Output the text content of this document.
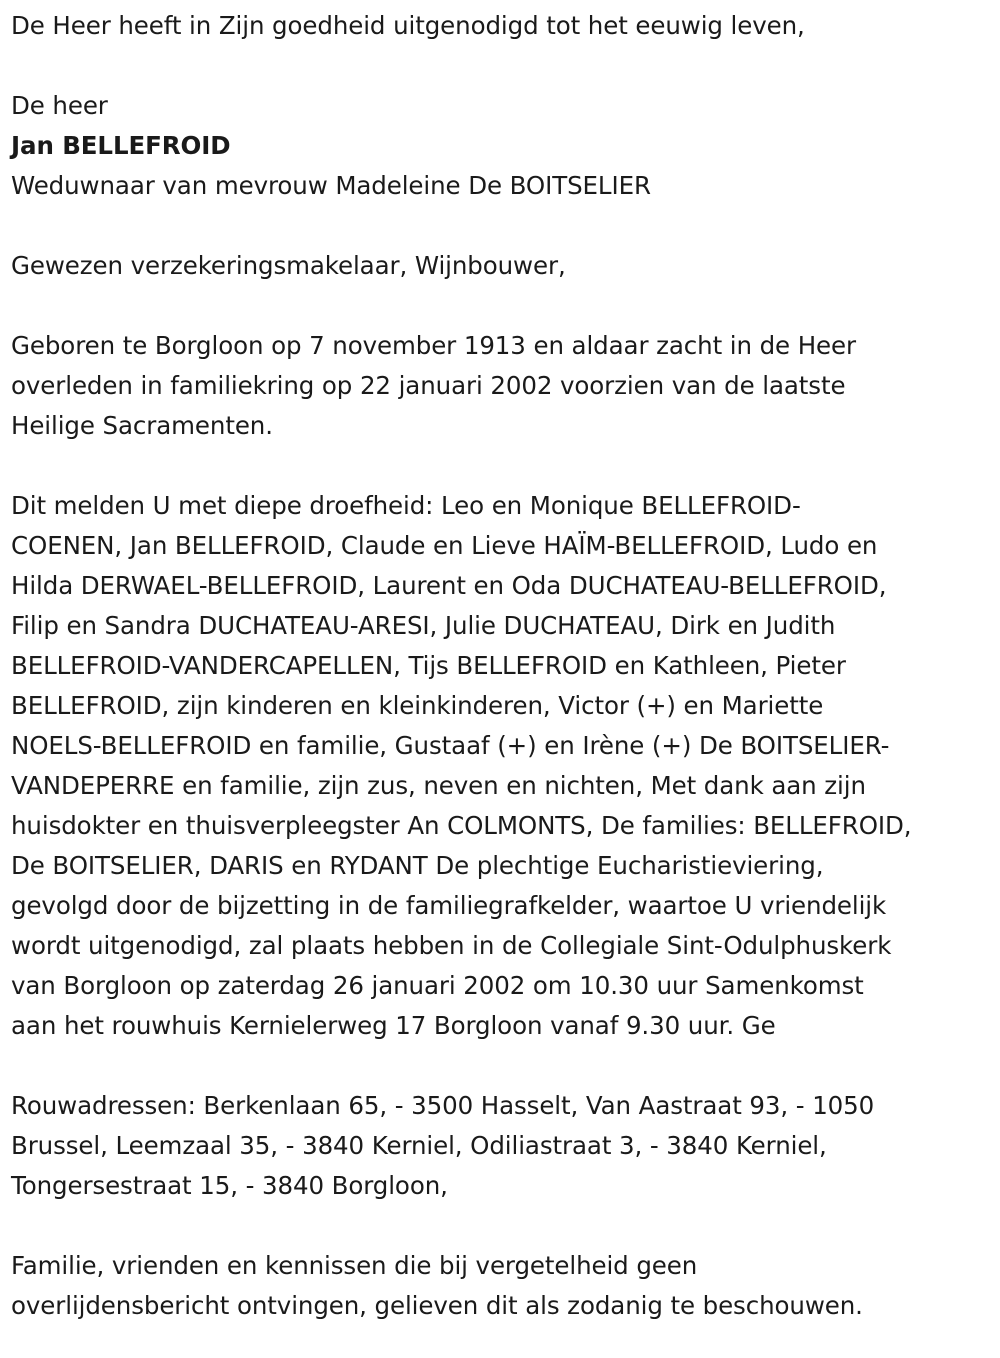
De Heer heeft in Zijn goedheid uitgenodigd tot het eeuwig leven,
De heer
Jan BELLEFROID
Weduwnaar van mevrouw Madeleine De BOITSELIER
Gewezen verzekeringsmakelaar, Wijnbouwer,
Geboren te Borgloon op 7 november 1913 en aldaar zacht in de Heer
overleden in familiekring op 22 januari 2002 voorzien van de laatste
Heilige Sacramenten.
Dit melden U met diepe droefheid: Leo en Monique BELLEFROID-
COENEN, Jan BELLEFROID, Claude en Lieve HAÏM-BELLEFROID, Ludo en
Hilda DERWAEL-BELLEFROID, Laurent en Oda DUCHATEAU-BELLEFROID,
Filip en Sandra DUCHATEAU-ARESI, Julie DUCHATEAU, Dirk en Judith
BELLEFROID-VANDERCAPELLEN, Tijs BELLEFROID en Kathleen, Pieter
BELLEFROID, zijn kinderen en kleinkinderen, Victor (+) en Mariette
NOELS-BELLEFROID en familie, Gustaaf (+) en Irène (+) De BOITSELIER-
VANDEPERRE en familie, zijn zus, neven en nichten, Met dank aan zijn
huisdokter en thuisverpleegster An COLMONTS, De families: BELLEFROID,
De BOITSELIER, DARIS en RYDANT De plechtige Eucharistieviering,
gevolgd door de bijzetting in de familiegrafkelder, waartoe U vriendelijk
wordt uitgenodigd, zal plaats hebben in de Collegiale Sint-Odulphuskerk
van Borgloon op zaterdag 26 januari 2002 om 10.30 uur Samenkomst
aan het rouwhuis Kernielerweg 17 Borgloon vanaf 9.30 uur. Ge
Rouwadressen: Berkenlaan 65, - 3500 Hasselt, Van Aastraat 93, - 1050
Brussel, Leemzaal 35, - 3840 Kerniel, Odiliastraat 3, - 3840 Kerniel,
Tongersestraat 15, - 3840 Borgloon,
Familie, vrienden en kennissen die bij vergetelheid geen
overlijdensbericht ontvingen, gelieven dit als zodanig te beschouwen.
